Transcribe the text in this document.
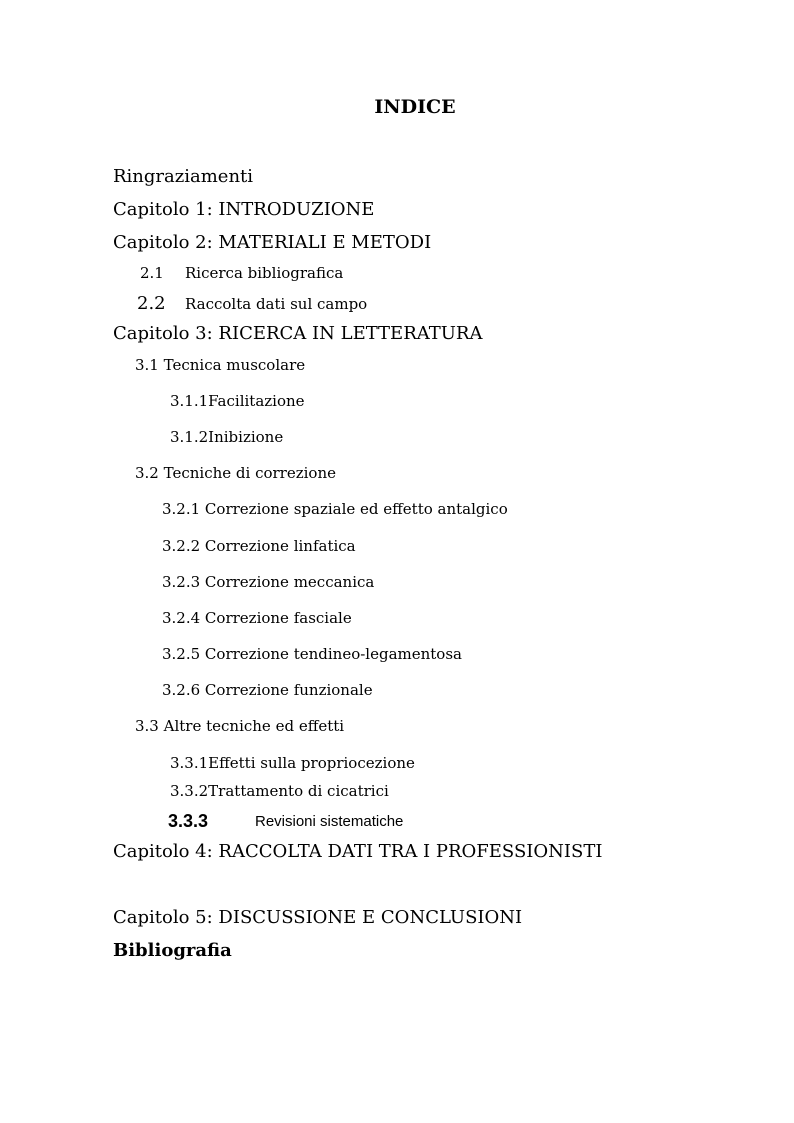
INDICE
Ringraziamenti
Capitolo 1: INTRODUZIONE
Capitolo 2: MATERIALI E METODI
2.1 Ricerca bibliografica
2.2 Raccolta dati sul campo
Capitolo 3: RICERCA IN LETTERATURA
3.1 Tecnica muscolare
3.1.1Facilitazione
3.1.2Inibizione
3.2 Tecniche di correzione
3.2.1 Correzione spaziale ed effetto antalgico
3.2.2 Correzione linfatica
3.2.3 Correzione meccanica
3.2.4 Correzione fasciale
3.2.5 Correzione tendineo-legamentosa
3.2.6 Correzione funzionale
3.3 Altre tecniche ed effetti
3.3.1Effetti sulla propriocezione
3.3.2Trattamento di cicatrici
3.3.3	Revisioni sistematiche
Capitolo 4: RACCOLTA DATI TRA I PROFESSIONISTI
Capitolo 5: DISCUSSIONE E CONCLUSIONI
Bibliografia
